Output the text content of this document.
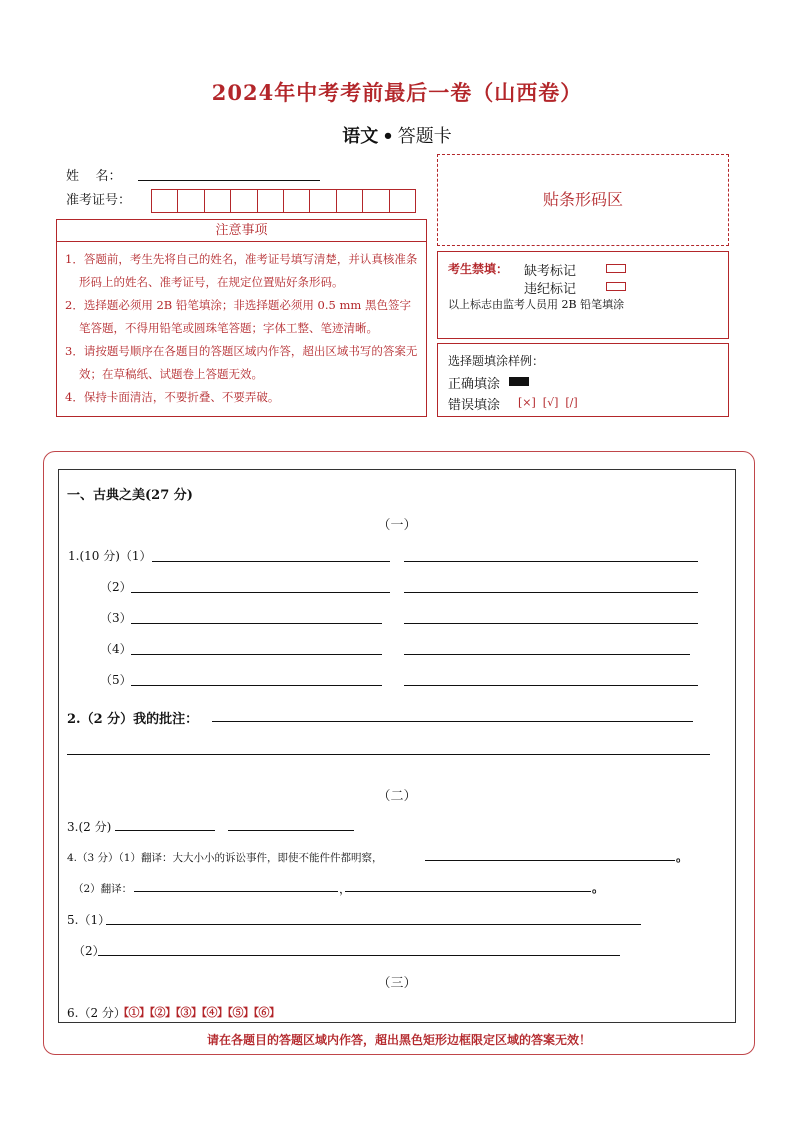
2024年中考考前最后一卷（山西卷）
语文 • 答题卡
姓    名：
准考证号：
注意事项
1．答题前，考生先将自己的姓名，准考证号填写清楚，并认真核准条形码上的姓名、准考证号，在规定位置贴好条形码。
2．选择题必须用 2B 铅笔填涂；非选择题必须用 0.5 mm 黑色签字笔答题，不得用铅笔或圆珠笔答题；字体工整、笔迹清晰。
3．请按题号顺序在各题目的答题区域内作答，超出区域书写的答案无效；在草稿纸、试题卷上答题无效。
4．保持卡面清洁，不要折叠、不要弄破。
贴条形码区
考生禁填： 缺考标记
违纪标记
以上标志由监考人员用 2B 铅笔填涂
选择题填涂样例：
正确填涂
错误填涂 [×]  [√]  [/]
一、古典之美(27 分)
（一）
1.(10 分)（1）
（2）
（3）
（4）
（5）
2.（2 分）我的批注：
（二）
3.(2 分)
4.（3 分）（1）翻译：大大小小的诉讼事件，即使不能件件都明察，	。
（2）翻译：	，	。
5.（1）
（2）
（三）
6.（2 分）
【①】【②】【③】【④】【⑤】【⑥】
请在各题目的答题区域内作答，超出黑色矩形边框限定区域的答案无效！
